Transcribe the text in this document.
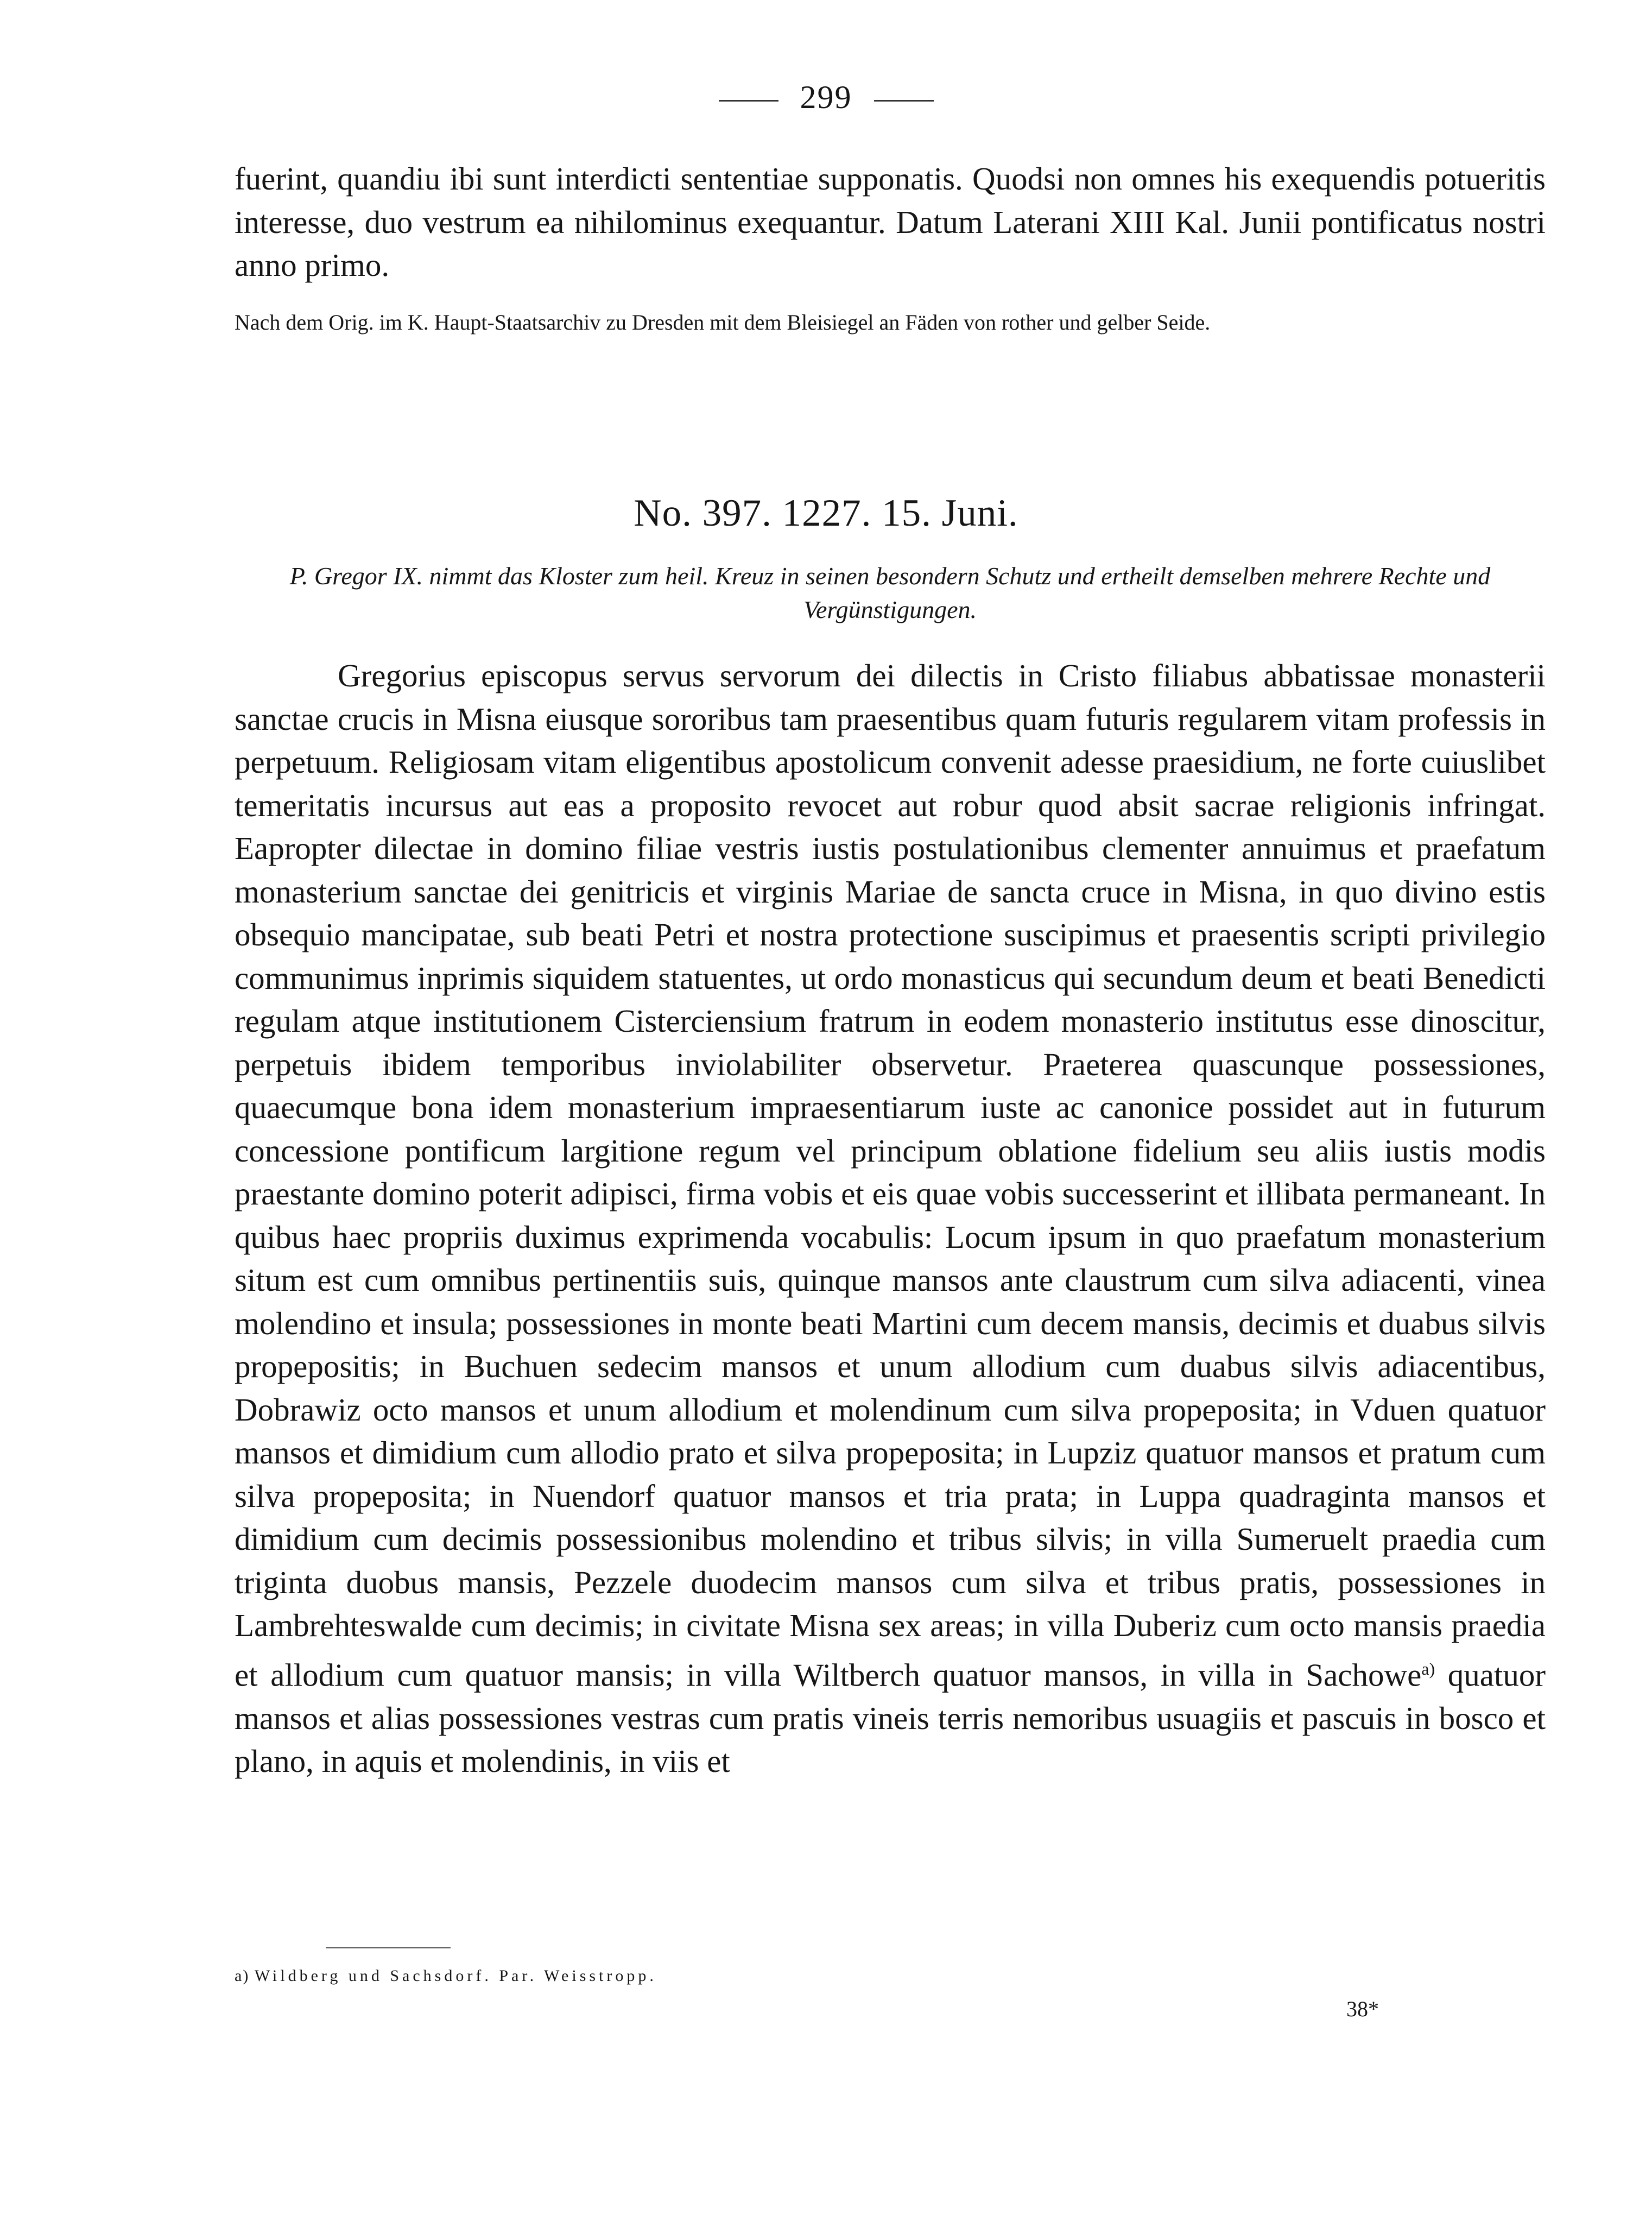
299

fuerint, quandiu ibi sunt interdicti sententiae supponatis. Quodsi non omnes his exequendis potueritis interesse, duo vestrum ea nihilominus exequantur. Datum Laterani XIII Kal. Junii pontificatus nostri anno primo.

Nach dem Orig. im K. Haupt-Staatsarchiv zu Dresden mit dem Bleisiegel an Fäden von rother und gelber Seide.

No. 397. 1227. 15. Juni.
P. Gregor IX. nimmt das Kloster zum heil. Kreuz in seinen besondern Schutz und ertheilt demselben mehrere Rechte und Vergünstigungen.

Gregorius episcopus servus servorum dei dilectis in Cristo filiabus abbatissae monasterii sanctae crucis in Misna eiusque sororibus tam praesentibus quam futuris regularem vitam professis in perpetuum. Religiosam vitam eligentibus apostolicum convenit adesse praesidium, ne forte cuiuslibet temeritatis incursus aut eas a proposito revocet aut robur quod absit sacrae religionis infringat. Eapropter dilectae in domino filiae vestris iustis postulationibus clementer annuimus et praefatum monasterium sanctae dei genitricis et virginis Mariae de sancta cruce in Misna, in quo divino estis obsequio mancipatae, sub beati Petri et nostra protectione suscipimus et praesentis scripti privilegio communimus inprimis siquidem statuentes, ut ordo monasticus qui secundum deum et beati Benedicti regulam atque institutionem Cisterciensium fratrum in eodem monasterio institutus esse dinoscitur, perpetuis ibidem temporibus inviolabiliter observetur. Praeterea quascunque possessiones, quaecumque bona idem monasterium impraesentiarum iuste ac canonice possidet aut in futurum concessione pontificum largitione regum vel principum oblatione fidelium seu aliis iustis modis praestante domino poterit adipisci, firma vobis et eis quae vobis successerint et illibata permaneant. In quibus haec propriis duximus exprimenda vocabulis: Locum ipsum in quo praefatum monasterium situm est cum omnibus pertinentiis suis, quinque mansos ante claustrum cum silva adiacenti, vinea molendino et insula; possessiones in monte beati Martini cum decem mansis, decimis et duabus silvis propepositis; in Buchuen sedecim mansos et unum allodium cum duabus silvis adiacentibus, Dobrawiz octo mansos et unum allodium et molendinum cum silva propeposita; in Vduen quatuor mansos et dimidium cum allodio prato et silva propeposita; in Lupziz quatuor mansos et pratum cum silva propeposita; in Nuendorf quatuor mansos et tria prata; in Luppa quadraginta mansos et dimidium cum decimis possessionibus molendino et tribus silvis; in villa Sumeruelt praedia cum triginta duobus mansis, Pezzele duodecim mansos cum silva et tribus pratis, possessiones in Lambrehteswalde cum decimis; in civitate Misna sex areas; in villa Duberiz cum octo mansis praedia et allodium cum quatuor mansis; in villa Wiltberch quatuor mansos, in villa in Sachowe$^{a)}$ quatuor mansos et alias possessiones vestras cum pratis vineis terris nemoribus usuagiis et pascuis in bosco et plano, in aquis et molendinis, in viis et

a) Wildberg und Sachsdorf. Par. Weisstropp.
38*
